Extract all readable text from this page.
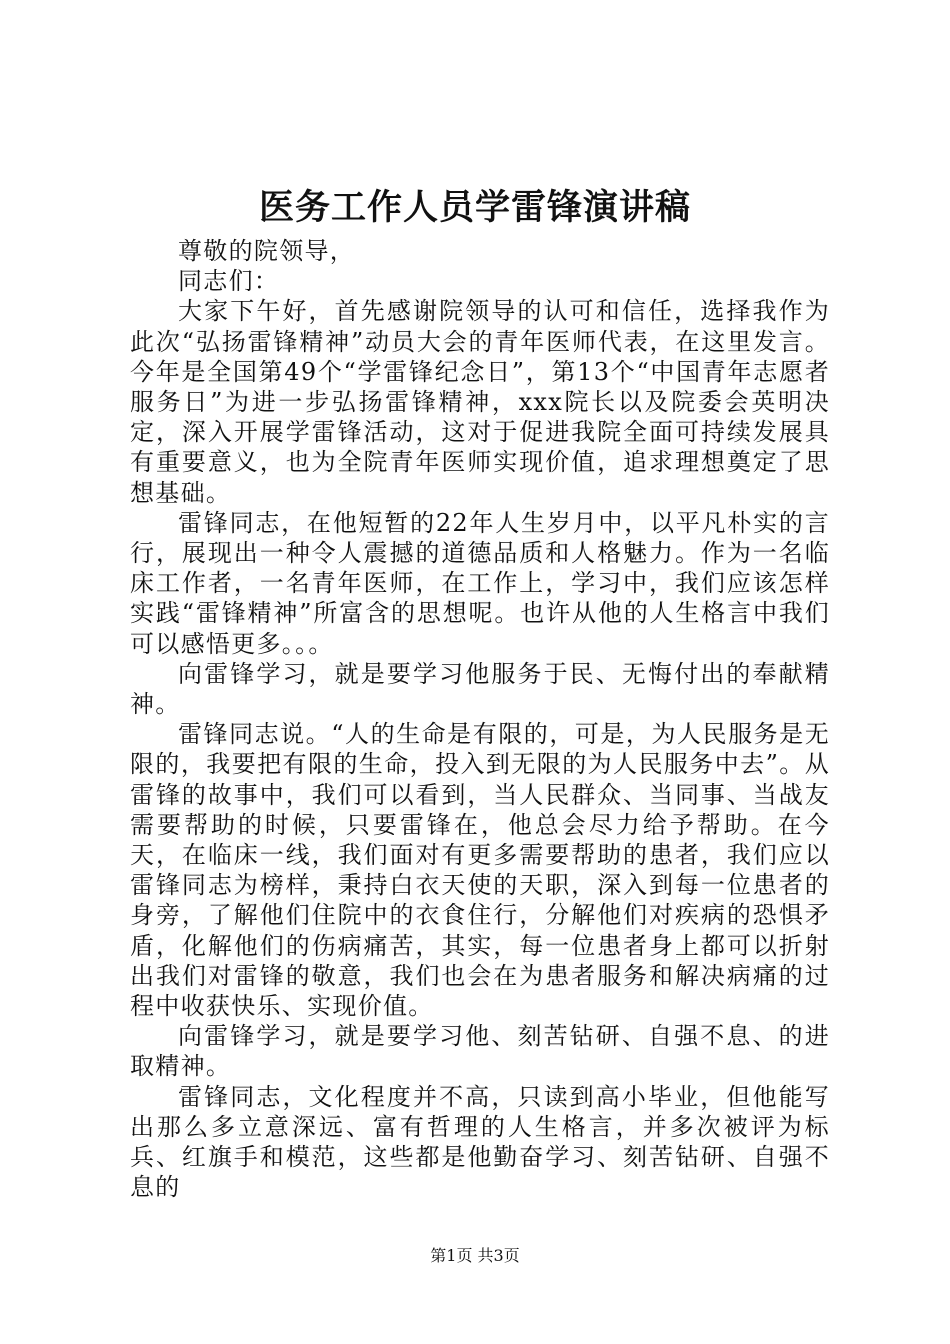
医务工作人员学雷锋演讲稿

尊敬的院领导，

同志们：

大家下午好，首先感谢院领导的认可和信任，选择我作为此次“弘扬雷锋精神”动员大会的青年医师代表，在这里发言。今年是全国第49个“学雷锋纪念日”，第13个“中国青年志愿者服务日”为进一步弘扬雷锋精神，xxx院长以及院委会英明决定，深入开展学雷锋活动，这对于促进我院全面可持续发展具有重要意义，也为全院青年医师实现价值，追求理想奠定了思想基础。

雷锋同志，在他短暂的22年人生岁月中，以平凡朴实的言行，展现出一种令人震撼的道德品质和人格魅力。作为一名临床工作者，一名青年医师，在工作上，学习中，我们应该怎样实践“雷锋精神”所富含的思想呢。也许从他的人生格言中我们可以感悟更多。。。

向雷锋学习，就是要学习他服务于民、无悔付出的奉献精神。

雷锋同志说。“人的生命是有限的，可是，为人民服务是无限的，我要把有限的生命，投入到无限的为人民服务中去”。从雷锋的故事中，我们可以看到，当人民群众、当同事、当战友需要帮助的时候，只要雷锋在，他总会尽力给予帮助。在今天，在临床一线，我们面对有更多需要帮助的患者，我们应以雷锋同志为榜样，秉持白衣天使的天职，深入到每一位患者的身旁，了解他们住院中的衣食住行，分解他们对疾病的恐惧矛盾，化解他们的伤病痛苦，其实，每一位患者身上都可以折射出我们对雷锋的敬意，我们也会在为患者服务和解决病痛的过程中收获快乐、实现价值。

向雷锋学习，就是要学习他、刻苦钻研、自强不息、的进取精神。

雷锋同志，文化程度并不高，只读到高小毕业，但他能写出那么多立意深远、富有哲理的人生格言，并多次被评为标兵、红旗手和模范，这些都是他勤奋学习、刻苦钻研、自强不息的

第1页 共3页
